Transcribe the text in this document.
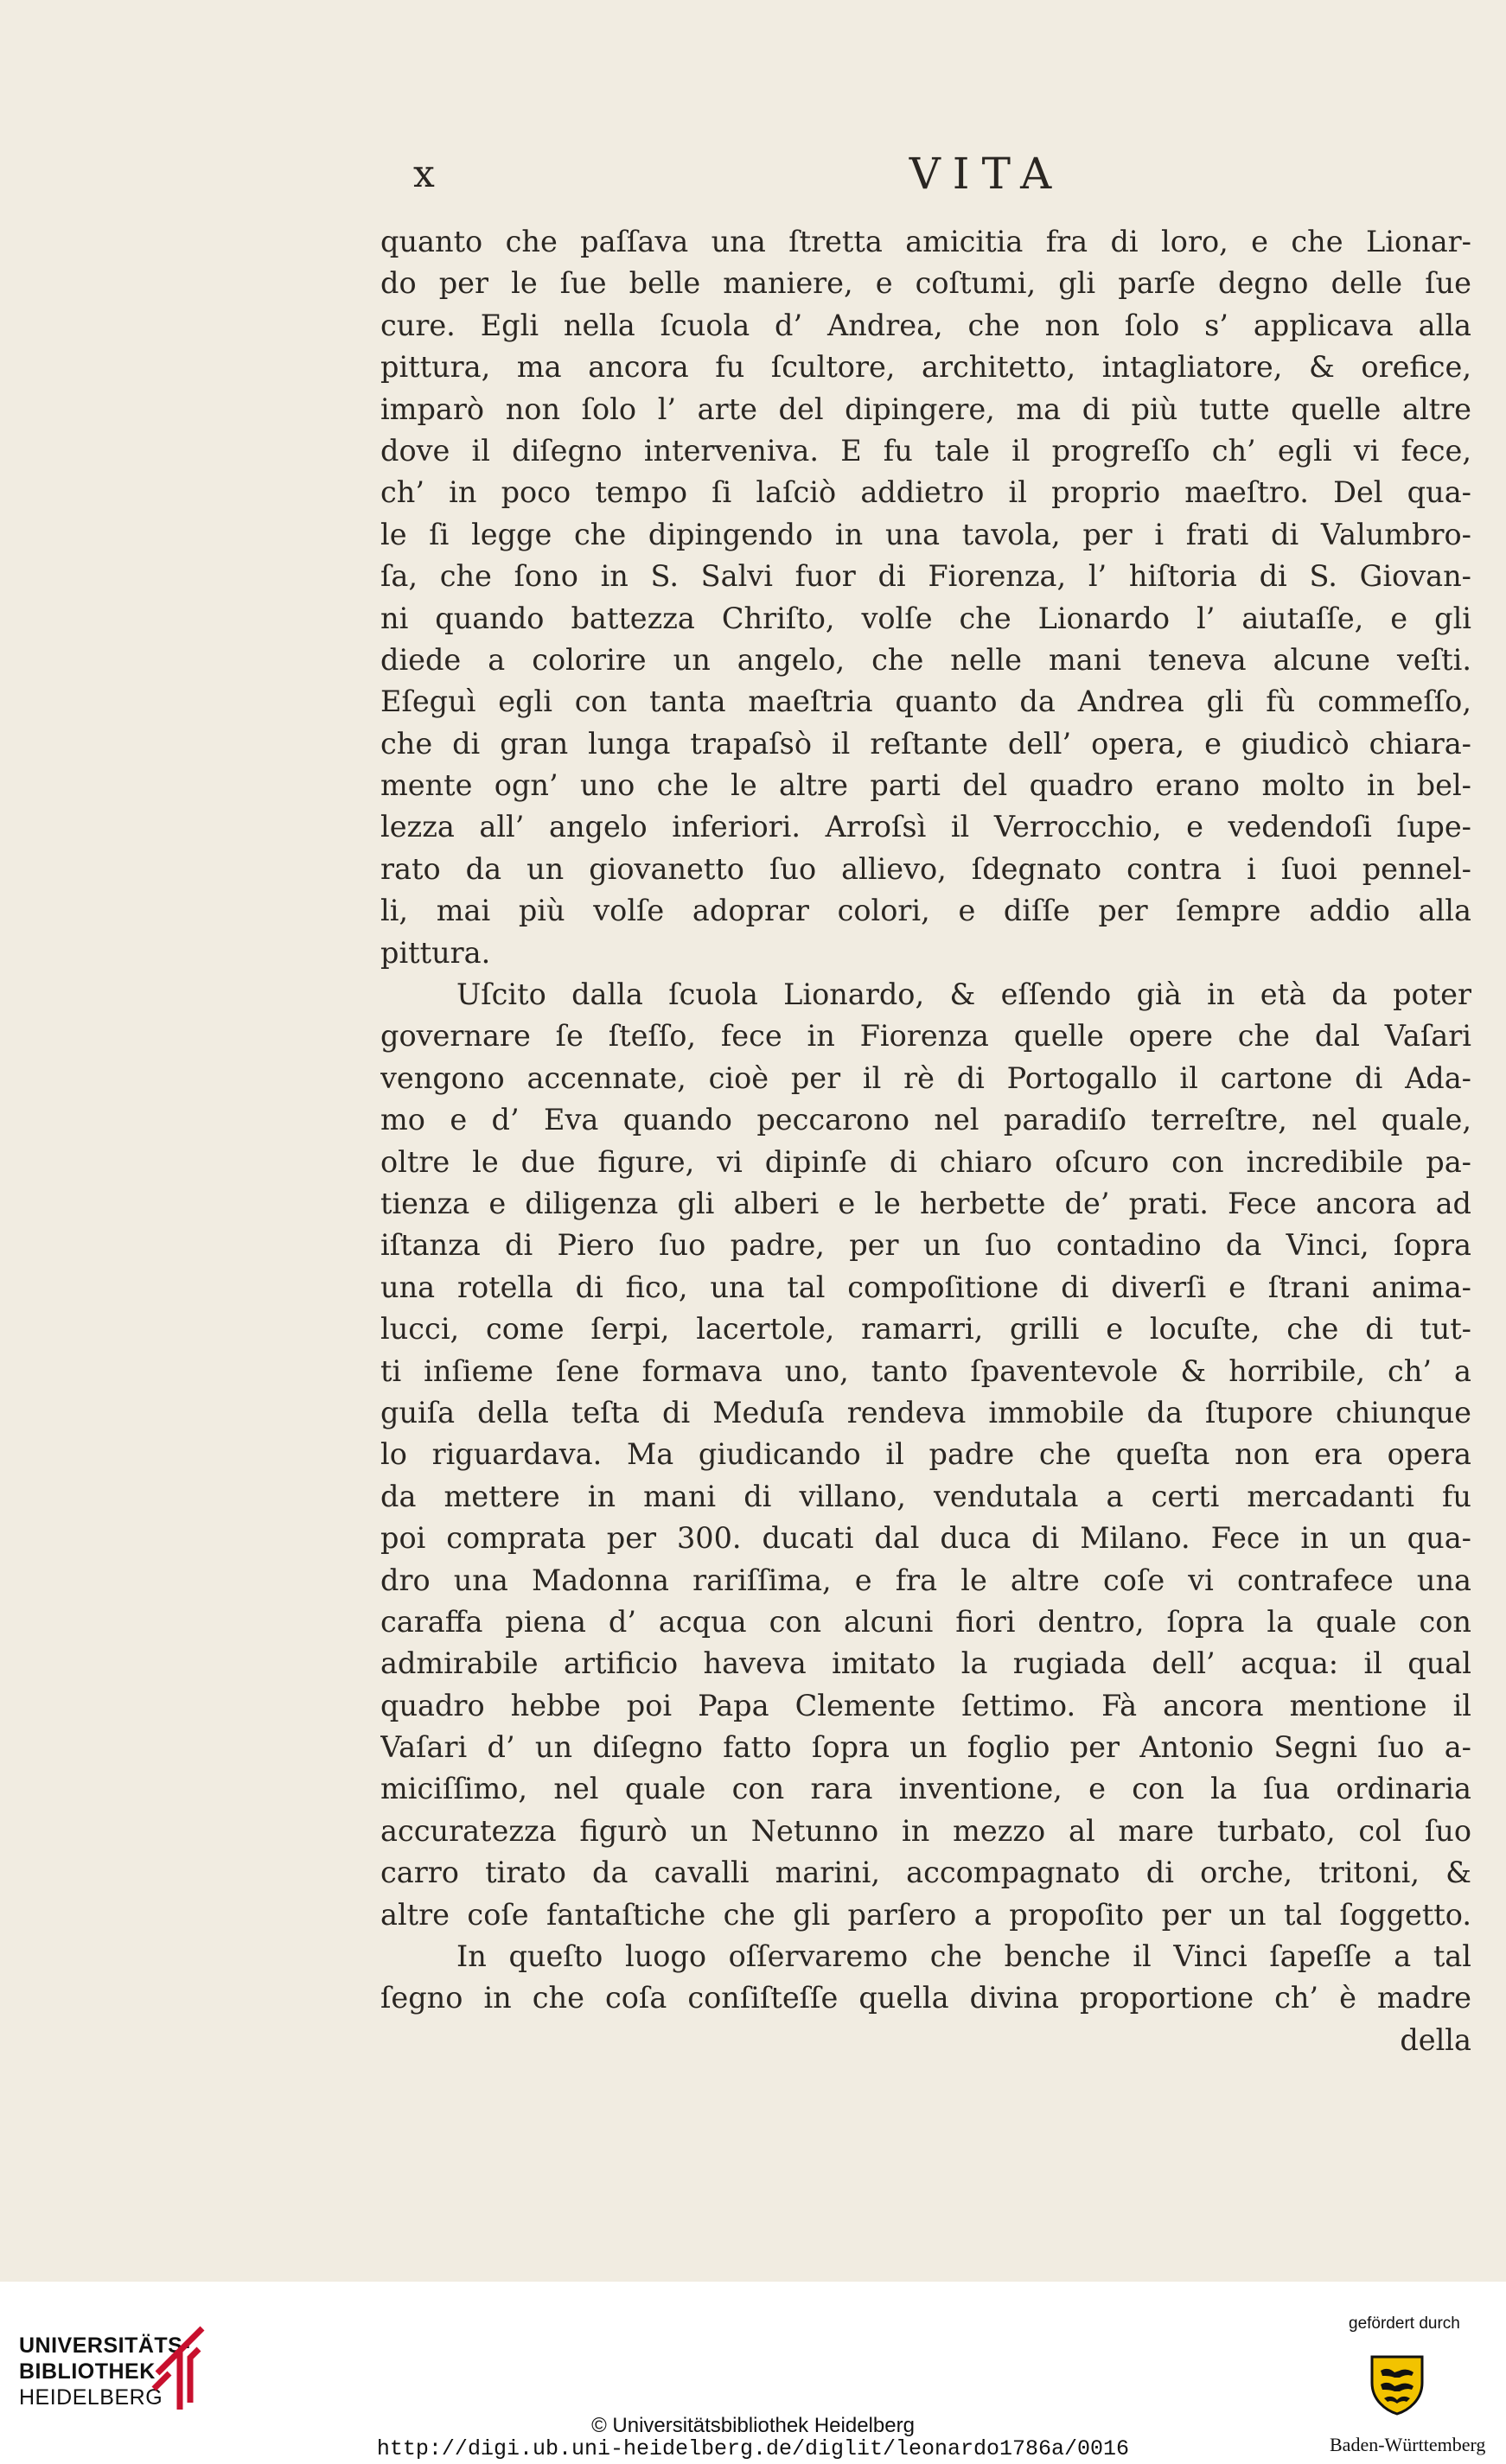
x	VITA
quanto che paſſava una ſtretta amicitia fra di loro, e che Lionar-
do per le ſue belle maniere, e coſtumi, gli parſe degno delle ſue
cure. Egli nella ſcuola d’ Andrea, che non ſolo s’ applicava alla
pittura, ma ancora fu ſcultore, architetto, intagliatore, & orefice,
imparò non ſolo l’ arte del dipingere, ma di più tutte quelle altre
dove il diſegno interveniva. E fu tale il progreſſo ch’ egli vi fece,
ch’ in poco tempo ſi laſciò addietro il proprio maeſtro. Del qua-
le ſi legge che dipingendo in una tavola, per i frati di Valumbro-
ſa, che ſono in S. Salvi fuor di Fiorenza, l’ hiſtoria di S. Giovan-
ni quando battezza Chriſto, volſe che Lionardo l’ aiutaſſe, e gli
diede a colorire un angelo, che nelle mani teneva alcune veſti.
Eſeguì egli con tanta maeſtria quanto da Andrea gli fù commeſſo,
che di gran lunga trapaſsò il reſtante dell’ opera, e giudicò chiara-
mente ogn’ uno che le altre parti del quadro erano molto in bel-
lezza all’ angelo inferiori. Arroſsì il Verrocchio, e vedendoſi ſupe-
rato da un giovanetto ſuo allievo, ſdegnato contra i ſuoi pennel-
li, mai più volſe adoprar colori, e diſſe per ſempre addio alla
pittura.
Uſcito dalla ſcuola Lionardo, & eſſendo già in età da poter
governare ſe ſteſſo, fece in Fiorenza quelle opere che dal Vaſari
vengono accennate, cioè per il rè di Portogallo il cartone di Ada-
mo e d’ Eva quando peccarono nel paradiſo terreſtre, nel quale,
oltre le due figure, vi dipinſe di chiaro oſcuro con incredibile pa-
tienza e diligenza gli alberi e le herbette de’ prati. Fece ancora ad
iſtanza di Piero ſuo padre, per un ſuo contadino da Vinci, ſopra
una rotella di fico, una tal compoſitione di diverſi e ſtrani anima-
lucci, come ſerpi, lacertole, ramarri, grilli e locuſte, che di tut-
ti inſieme ſene formava uno, tanto ſpaventevole & horribile, ch’ a
guiſa della teſta di Meduſa rendeva immobile da ſtupore chiunque
lo riguardava. Ma giudicando il padre che queſta non era opera
da mettere in mani di villano, vendutala a certi mercadanti fu
poi comprata per 300. ducati dal duca di Milano. Fece in un qua-
dro una Madonna rariſſima, e fra le altre coſe vi contrafece una
caraffa piena d’ acqua con alcuni fiori dentro, ſopra la quale con
admirabile artificio haveva imitato la rugiada dell’ acqua: il qual
quadro hebbe poi Papa Clemente ſettimo. Fà ancora mentione il
Vaſari d’ un diſegno fatto ſopra un foglio per Antonio Segni ſuo a-
miciſſimo, nel quale con rara inventione, e con la ſua ordinaria
accuratezza figurò un Netunno in mezzo al mare turbato, col ſuo
carro tirato da cavalli marini, accompagnato di orche, tritoni, &
altre coſe fantaſtiche che gli parſero a propoſito per un tal ſoggetto.
In queſto luogo oſſervaremo che benche il Vinci ſapeſſe a tal
ſegno in che coſa conſiſteſſe quella divina proportione ch’ è madre
della
UNIVERSITÄTS-
BIBLIOTHEK
HEIDELBERG
© Universitätsbibliothek Heidelberg
http://digi.ub.uni-heidelberg.de/diglit/leonardo1786a/0016
gefördert durch
Baden-Württemberg
